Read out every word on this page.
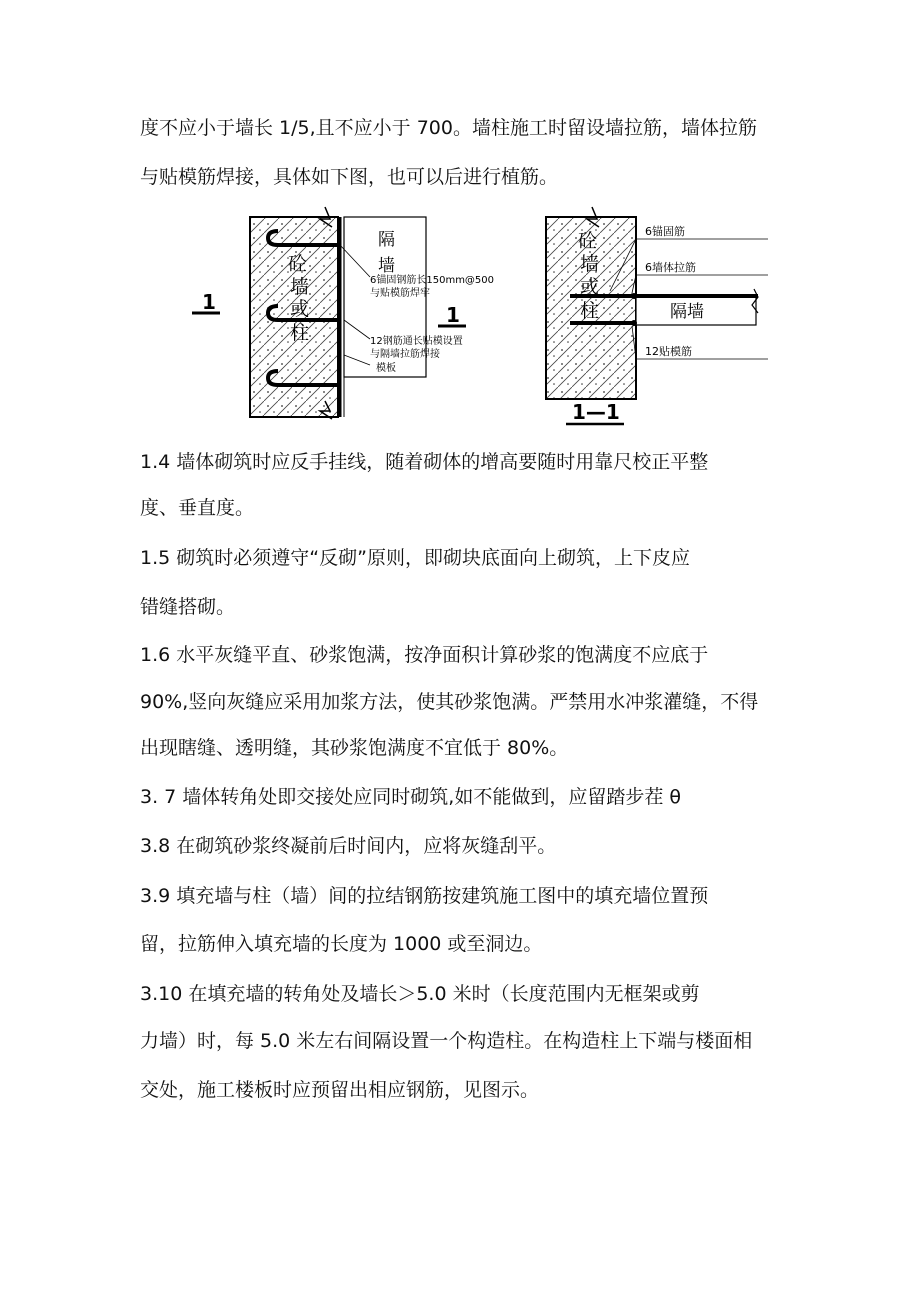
度不应小于墙长 1/5,且不应小于 700。墙柱施工时留设墙拉筋，墙体拉筋
与贴模筋焊接，具体如下图，也可以后进行植筋。
隔
墙
砼
墙
或
柱
1
1
6锚固钢筋长150mm@500
与贴模筋焊牢
12钢筋通长贴模设置
与隔墙拉筋焊接
模板
砼
墙
或
柱	隔墙
6锚固筋
6墙体拉筋
12贴模筋
1—1
1.4 墙体砌筑时应反手挂线，随着砌体的增高要随时用靠尺校正平整
度、垂直度。
1.5 砌筑时必须遵守“反砌”原则，即砌块底面向上砌筑，上下皮应
错缝搭砌。
1.6 水平灰缝平直、砂浆饱满，按净面积计算砂浆的饱满度不应底于
90%,竖向灰缝应采用加浆方法，使其砂浆饱满。严禁用水冲浆灌缝，不得
出现瞎缝、透明缝，其砂浆饱满度不宜低于 80%。
3. 7 墙体转角处即交接处应同时砌筑,如不能做到，应留踏步茬 θ
3.8 在砌筑砂浆终凝前后时间内，应将灰缝刮平。
3.9 填充墙与柱（墙）间的拉结钢筋按建筑施工图中的填充墙位置预
留，拉筋伸入填充墙的长度为 1000 或至洞边。
3.10 在填充墙的转角处及墙长＞5.0 米时（长度范围内无框架或剪
力墙）时，每 5.0 米左右间隔设置一个构造柱。在构造柱上下端与楼面相
交处，施工楼板时应预留出相应钢筋，见图示。
